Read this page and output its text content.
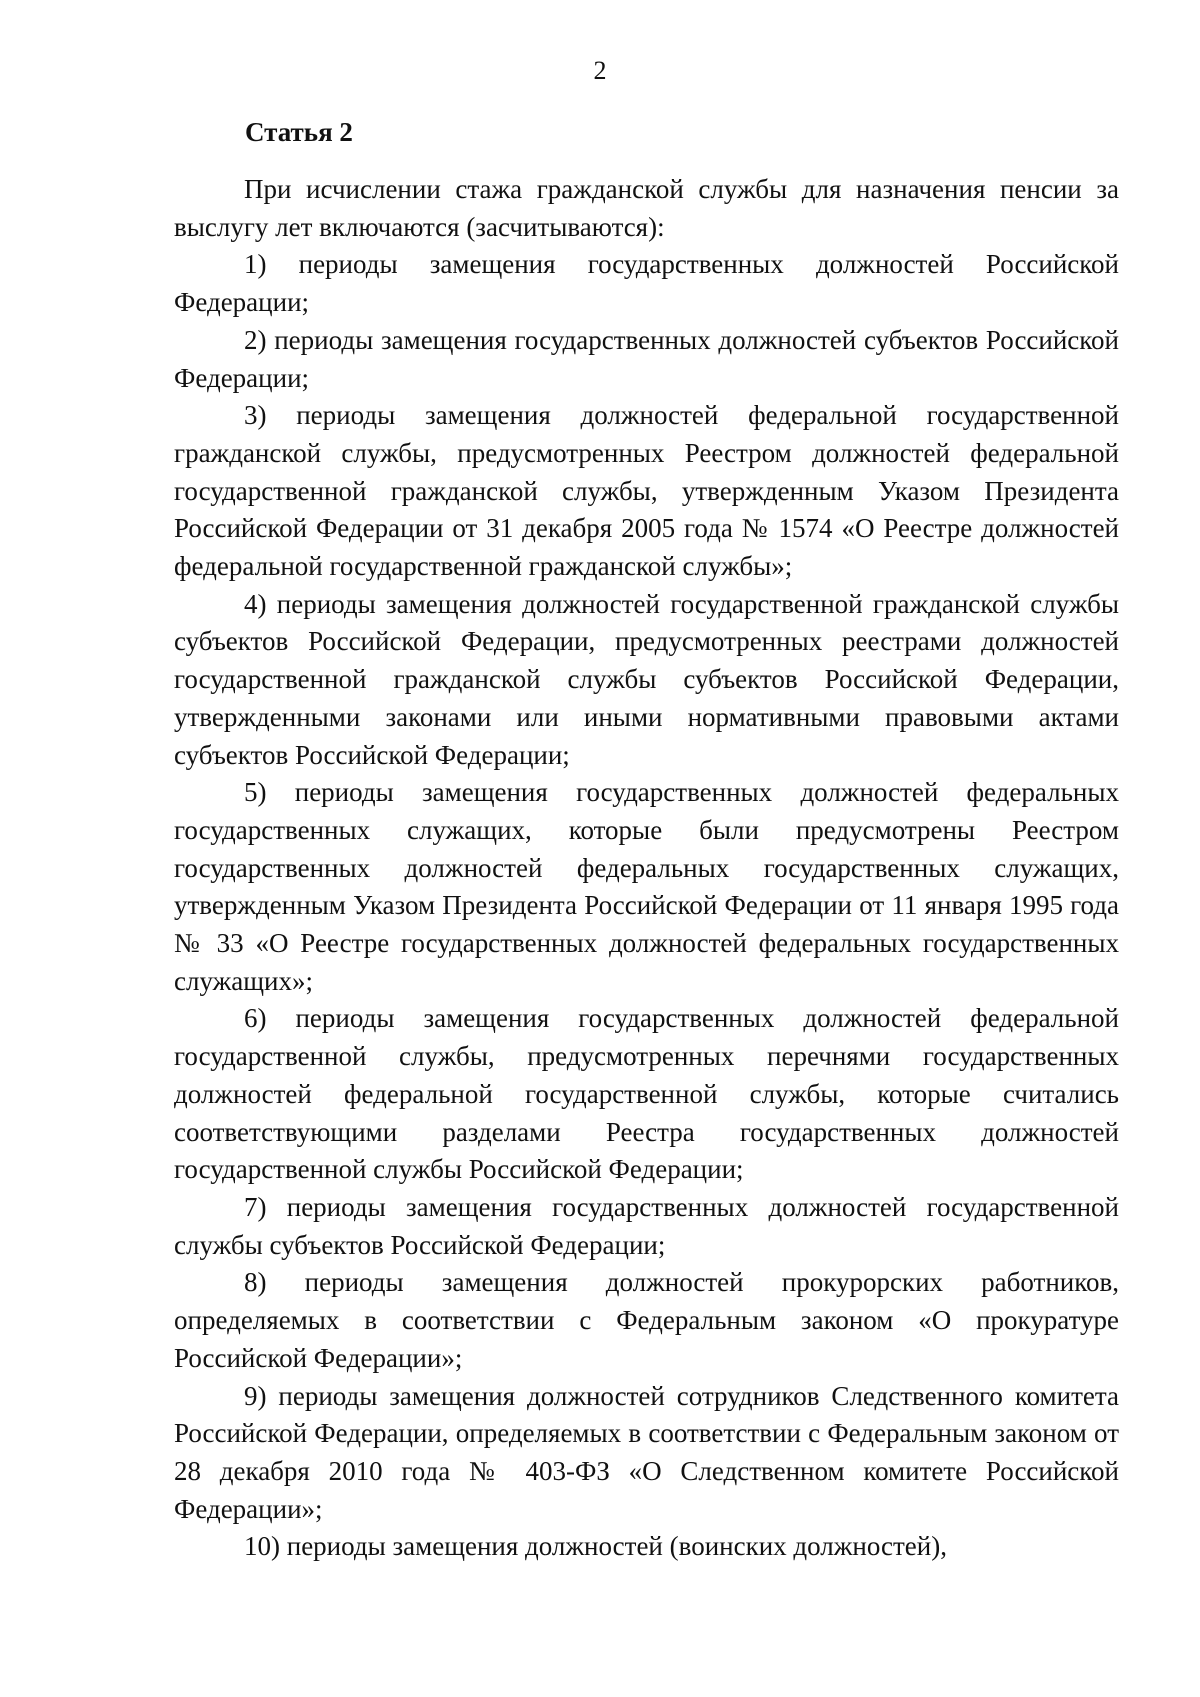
2
Статья 2

При исчислении стажа гражданской службы для назначения пенсии за выслугу лет включаются (засчитываются):

1) периоды замещения государственных должностей Российской Федерации;

2) периоды замещения государственных должностей субъектов Российской Федерации;

3) периоды замещения должностей федеральной государственной гражданской службы, предусмотренных Реестром должностей федеральной государственной гражданской службы, утвержденным Указом Президента Российской Федерации от 31 декабря 2005 года № 1574 «О Реестре должностей федеральной государственной гражданской службы»;

4) периоды замещения должностей государственной гражданской службы субъектов Российской Федерации, предусмотренных реестрами должностей государственной гражданской службы субъектов Российской Федерации, утвержденными законами или иными нормативными правовыми актами субъектов Российской Федерации;

5) периоды замещения государственных должностей федеральных государственных служащих, которые были предусмотрены Реестром государственных должностей федеральных государственных служащих, утвержденным Указом Президента Российской Федерации от 11 января 1995 года № 33 «О Реестре государственных должностей федеральных государственных служащих»;

6) периоды замещения государственных должностей федеральной государственной службы, предусмотренных перечнями государственных должностей федеральной государственной службы, которые считались соответствующими разделами Реестра государственных должностей государственной службы Российской Федерации;

7) периоды замещения государственных должностей государственной службы субъектов Российской Федерации;

8) периоды замещения должностей прокурорских работников, определяемых в соответствии с Федеральным законом «О прокуратуре Российской Федерации»;

9) периоды замещения должностей сотрудников Следственного комитета Российской Федерации, определяемых в соответствии с Федеральным законом от 28 декабря 2010 года № 403-ФЗ «О Следственном комитете Российской Федерации»;

10) периоды замещения должностей (воинских должностей),
